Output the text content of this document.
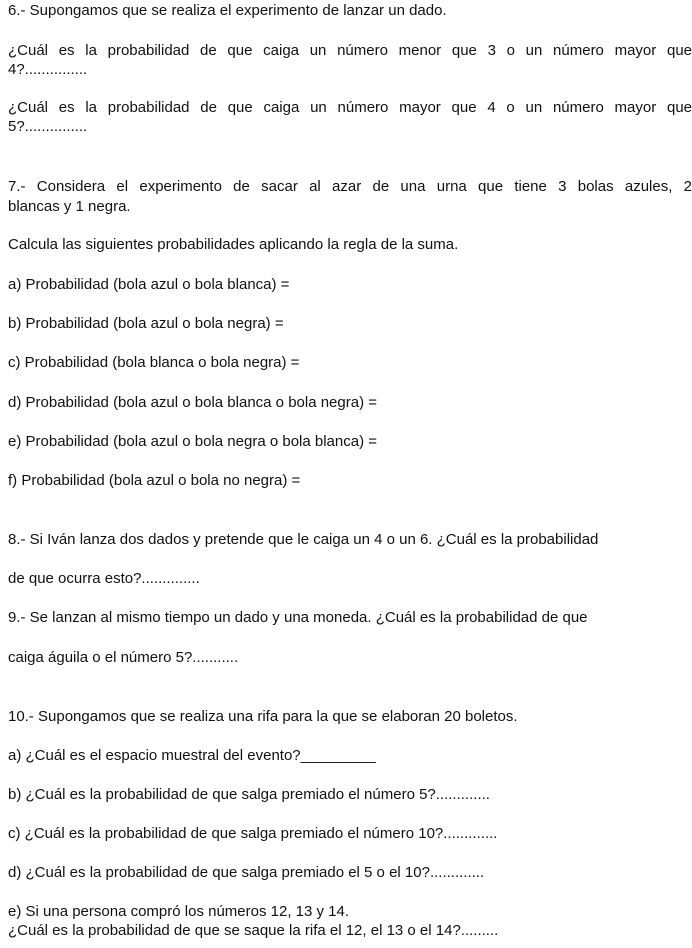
6.- Supongamos que se realiza el experimento de lanzar un dado.
¿Cuál es la probabilidad de que caiga un número menor que 3 o un número mayor que
4?...............
¿Cuál es la probabilidad de que caiga un número mayor que 4 o un número mayor que
5?...............
7.- Considera el experimento de sacar al azar de una urna que tiene 3 bolas azules, 2
blancas y 1 negra.
Calcula las siguientes probabilidades aplicando la regla de la suma.
a) Probabilidad (bola azul o bola blanca) =
b) Probabilidad (bola azul o bola negra) =
c) Probabilidad (bola blanca o bola negra) =
d) Probabilidad (bola azul o bola blanca o bola negra) =
e) Probabilidad (bola azul o bola negra o bola blanca) =
f) Probabilidad (bola azul o bola no negra) =
8.- Si Iván lanza dos dados y pretende que le caiga un 4 o un 6. ¿Cuál es la probabilidad
de que ocurra esto?..............
9.- Se lanzan al mismo tiempo un dado y una moneda. ¿Cuál es la probabilidad de que
caiga águila o el número 5?...........
10.- Supongamos que se realiza una rifa para la que se elaboran 20 boletos.
a) ¿Cuál es el espacio muestral del evento?_________
b) ¿Cuál es la probabilidad de que salga premiado el número 5?.............
c) ¿Cuál es la probabilidad de que salga premiado el número 10?.............
d) ¿Cuál es la probabilidad de que salga premiado el 5 o el 10?.............
e) Si una persona compró los números 12, 13 y 14.
¿Cuál es la probabilidad de que se saque la rifa el 12, el 13 o el 14?.........
